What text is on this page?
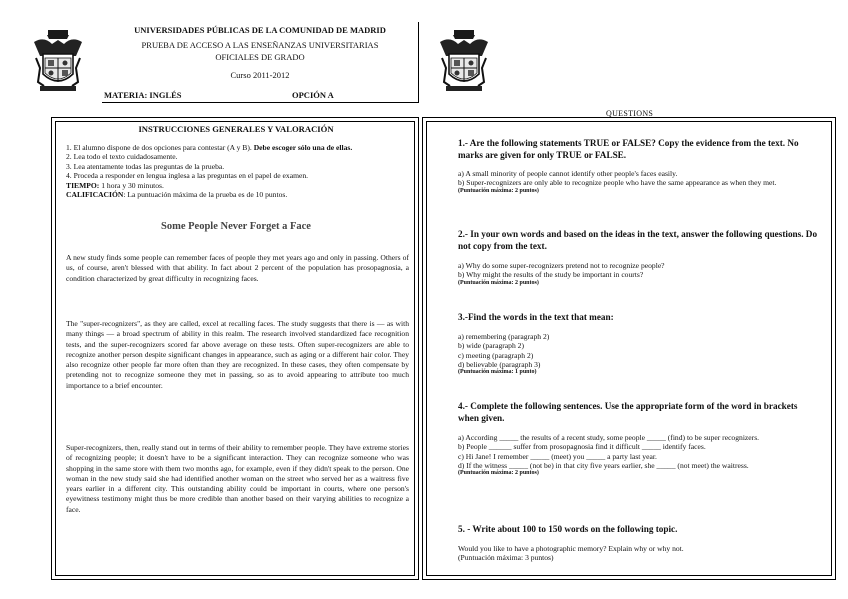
UNIVERSIDADES PÚBLICAS DE LA COMUNIDAD DE MADRID
PRUEBA DE ACCESO A LAS ENSEÑANZAS UNIVERSITARIAS
OFICIALES DE GRADO
Curso 2011-2012
MATERIA: INGLÉS	OPCIÓN A
QUESTIONS
INSTRUCCIONES GENERALES Y VALORACIÓN

1. El alumno dispone de dos opciones para contestar (A y B). Debe escoger sólo una de ellas.

2. Lea todo el texto cuidadosamente.

3. Lea atentamente todas las preguntas de la prueba.

4. Proceda a responder en lengua inglesa a las preguntas en el papel de examen.

TIEMPO: 1 hora y 30 minutos.

CALIFICACIÓN: La puntuación máxima de la prueba es de 10 puntos.

Some People Never Forget a Face

A new study finds some people can remember faces of people they met years ago and only in passing. Others of us, of course, aren't blessed with that ability. In fact about 2 percent of the population has prosopagnosia, a condition characterized by great difficulty in recognizing faces.

The "super-recognizers", as they are called, excel at recalling faces. The study suggests that there is — as with many things — a broad spectrum of ability in this realm. The research involved standardized face recognition tests, and the super-recognizers scored far above average on these tests. Often super-recognizers are able to recognize another person despite significant changes in appearance, such as aging or a different hair color. They also recognize other people far more often than they are recognized. In these cases, they often compensate by pretending not to recognize someone they met in passing, so as to avoid appearing to attribute too much importance to a brief encounter.

Super-recognizers, then, really stand out in terms of their ability to remember people. They have extreme stories of recognizing people; it doesn't have to be a significant interaction. They can recognize someone who was shopping in the same store with them two months ago, for example, even if they didn't speak to the person. One woman in the new study said she had identified another woman on the street who served her as a waitress five years earlier in a different city. This outstanding ability could be important in courts, where one person's eyewitness testimony might thus be more credible than another based on their varying abilities to recognize a face.

1.- Are the following statements TRUE or FALSE? Copy the evidence from the text. No marks are given for only TRUE or FALSE.

a) A small minority of people cannot identify other people's faces easily.

b) Super-recognizers are only able to recognize people who have the same appearance as when they met.

(Puntuación máxima: 2 puntos)

2.- In your own words and based on the ideas in the text, answer the following questions. Do not copy from the text.

a) Why do some super-recognizers pretend not to recognize people?

b) Why might the results of the study be important in courts?

(Puntuación máxima: 2 puntos)

3.-Find the words in the text that mean:

a) remembering (paragraph 2)

b) wide (paragraph 2)

c) meeting (paragraph 2)

d) believable (paragraph 3)

(Puntuación máxima: 1 punto)

4.- Complete the following sentences. Use the appropriate form of the word in brackets when given.

a) According _____ the results of a recent study, some people _____ (find) to be super recognizers.

b) People ______ suffer from prosopagnosia find it difficult _____ identify faces.

c) Hi Jane! I remember _____ (meet) you _____ a party last year.

d) If the witness _____ (not be) in that city five years earlier, she _____ (not meet) the waitress.

(Puntuación máxima: 2 puntos)

5. - Write about 100 to 150 words on the following topic.

Would you like to have a photographic memory? Explain why or why not.

(Puntuación máxima: 3 puntos)
